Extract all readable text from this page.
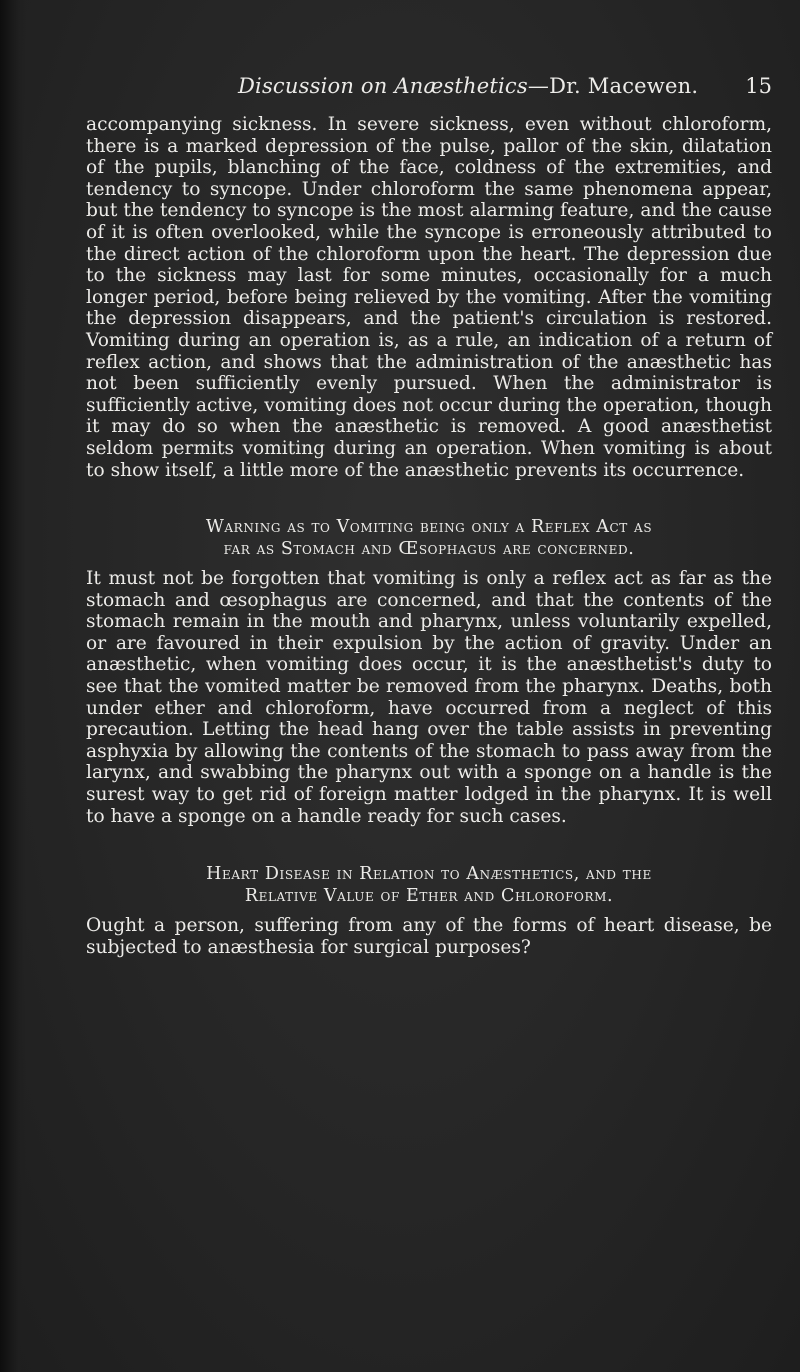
Discussion on Anæsthetics—Dr. Macewen. 15

accompanying sickness. In severe sickness, even without chloroform, there is a marked depression of the pulse, pallor of the skin, dilatation of the pupils, blanching of the face, coldness of the extremities, and tendency to syncope. Under chloroform the same phenomena appear, but the tendency to syncope is the most alarming feature, and the cause of it is often overlooked, while the syncope is erroneously attributed to the direct action of the chloroform upon the heart. The depression due to the sickness may last for some minutes, occasionally for a much longer period, before being relieved by the vomiting. After the vomiting the depression disappears, and the patient's circulation is restored. Vomiting during an operation is, as a rule, an indication of a return of reflex action, and shows that the administration of the anæsthetic has not been sufficiently evenly pursued. When the administrator is sufficiently active, vomiting does not occur during the operation, though it may do so when the anæsthetic is removed. A good anæsthetist seldom permits vomiting during an operation. When vomiting is about to show itself, a little more of the anæsthetic prevents its occurrence.

Warning as to Vomiting being only a Reflex Act as

far as Stomach and Œsophagus are concerned.

It must not be forgotten that vomiting is only a reflex act as far as the stomach and œsophagus are concerned, and that the contents of the stomach remain in the mouth and pharynx, unless voluntarily expelled, or are favoured in their expulsion by the action of gravity. Under an anæsthetic, when vomiting does occur, it is the anæsthetist's duty to see that the vomited matter be removed from the pharynx. Deaths, both under ether and chloroform, have occurred from a neglect of this precaution. Letting the head hang over the table assists in preventing asphyxia by allowing the contents of the stomach to pass away from the larynx, and swabbing the pharynx out with a sponge on a handle is the surest way to get rid of foreign matter lodged in the pharynx. It is well to have a sponge on a handle ready for such cases.

Heart Disease in Relation to Anæsthetics, and the

Relative Value of Ether and Chloroform.

Ought a person, suffering from any of the forms of heart disease, be subjected to anæsthesia for surgical purposes?
